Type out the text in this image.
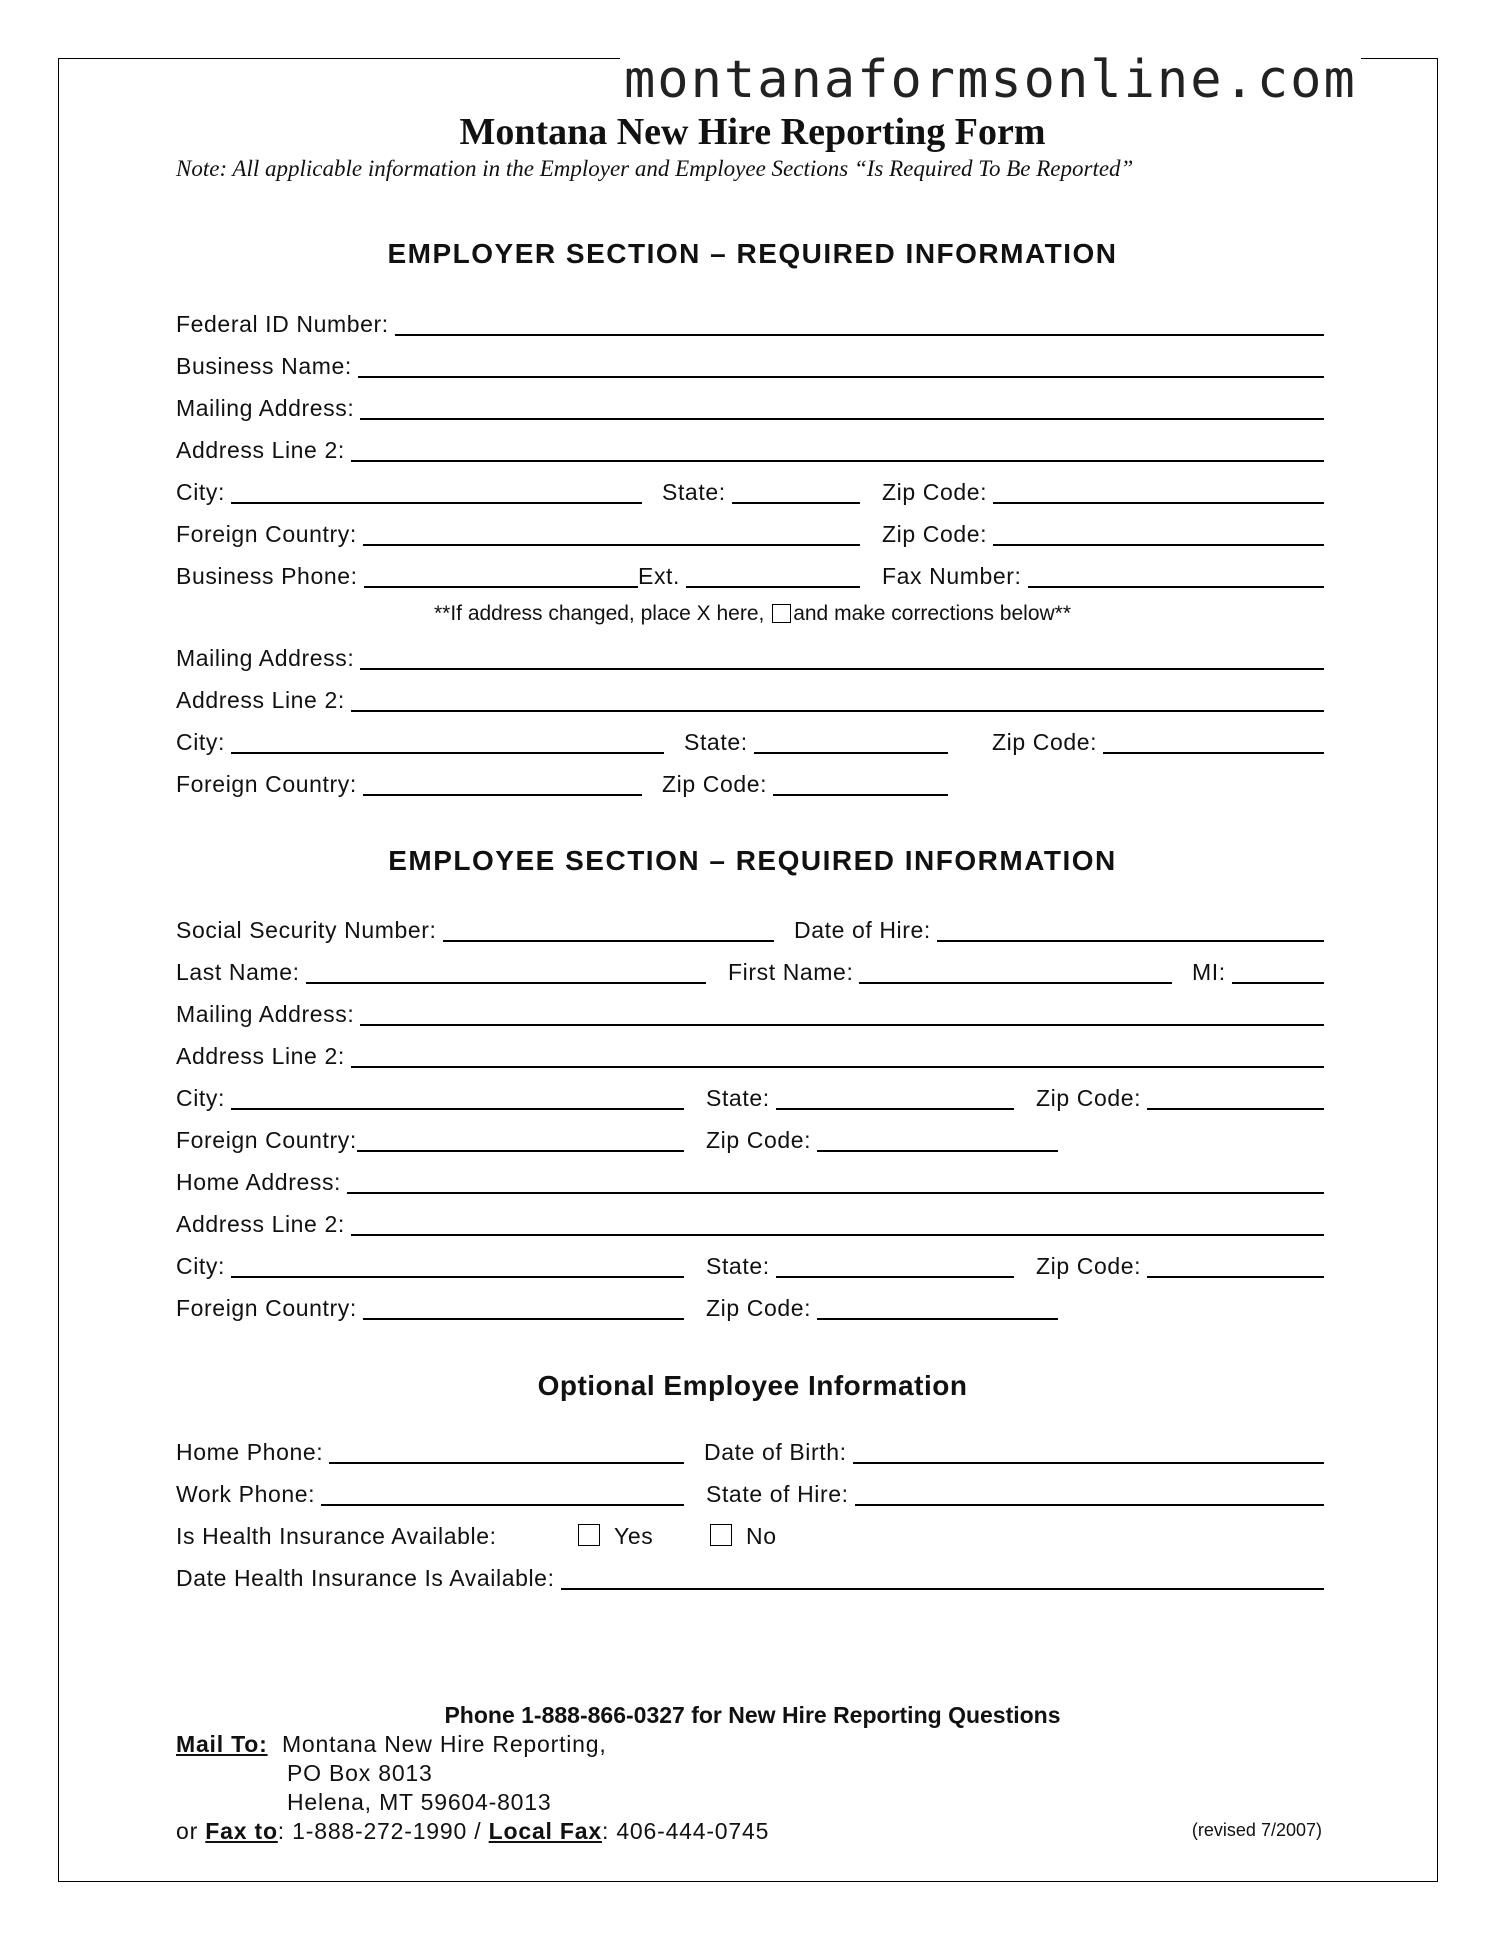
montanaformsonline.com
Montana New Hire Reporting Form
Note: All applicable information in the Employer and Employee Sections “Is Required To Be Reported”
EMPLOYER SECTION – REQUIRED INFORMATION
Federal ID Number:
Business Name:
Mailing Address:
Address Line 2:
City:	State:	Zip Code:
Foreign Country:	Zip Code:
Business Phone:	Ext.	Fax Number:
**If address changed, place X here, and make corrections below**
Mailing Address:
Address Line 2:
City:	State:	Zip Code:
Foreign Country:	Zip Code:
EMPLOYEE SECTION – REQUIRED INFORMATION
Social Security Number:	Date of Hire:
Last Name:	First Name:	MI:
Mailing Address:
Address Line 2:
City:	State:	Zip Code:
Foreign Country:	Zip Code:
Home Address:
Address Line 2:
City:	State:	Zip Code:
Foreign Country:	Zip Code:
Optional Employee Information
Home Phone:	Date of Birth:
Work Phone:	State of Hire:
Is Health Insurance Available:	Yes	No
Date Health Insurance Is Available:
Phone 1-888-866-0327 for New Hire Reporting Questions
Mail To: Montana New Hire Reporting,
PO Box 8013
Helena, MT 59604-8013
or Fax to: 1-888-272-1990 / Local Fax: 406-444-0745	(revised 7/2007)
